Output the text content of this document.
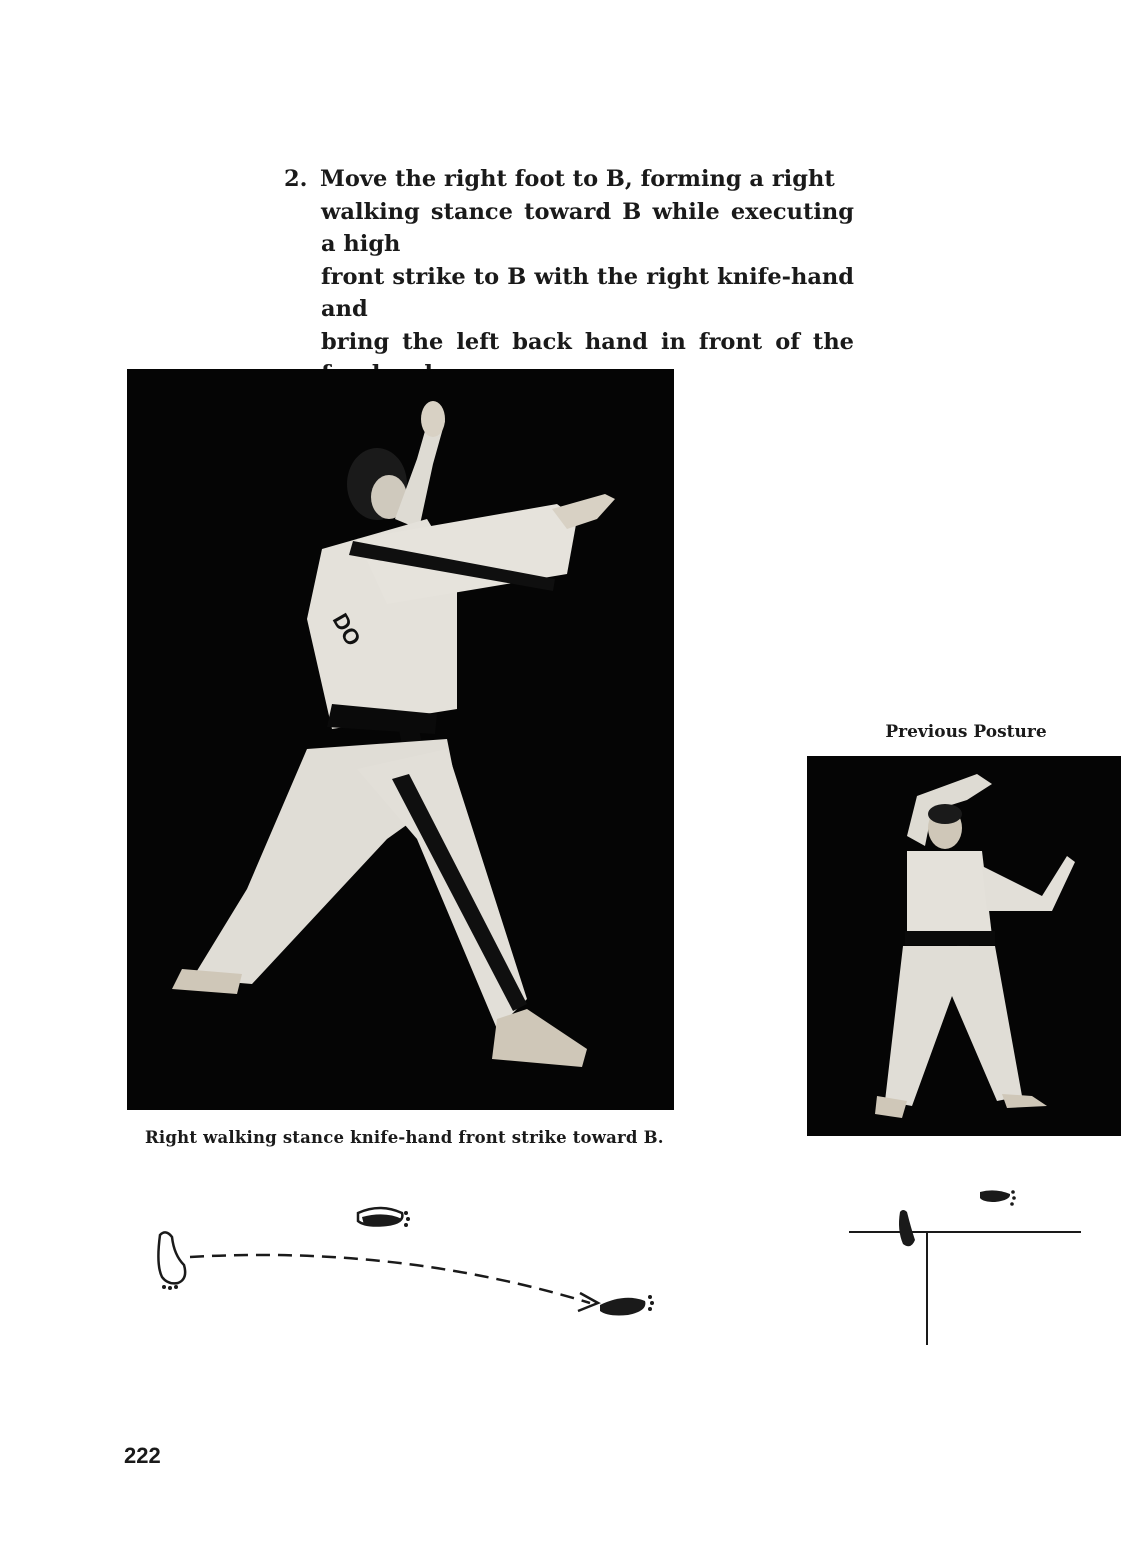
2. Move the right foot to B, forming a right
walking stance toward B while executing a high
front strike to B with the right knife-hand and
bring the left back hand in front of the
DO
Right walking stance knife-hand front strike toward B.
Previous Posture
222
